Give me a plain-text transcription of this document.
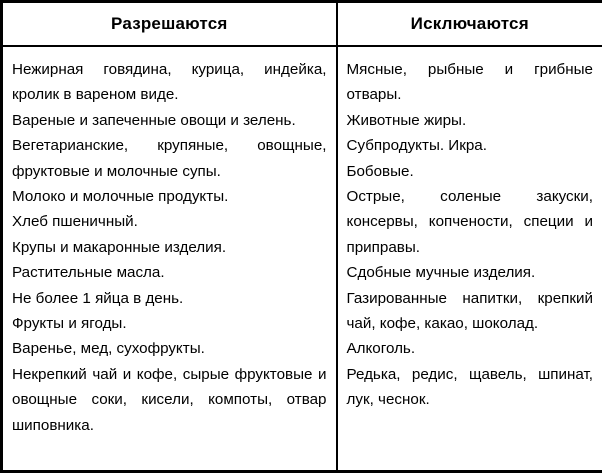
Разрешаются	Исключаются

Нежирная говядина, курица, индейка, кролик в вареном виде.
Вареные и запеченные овощи и зелень.
Вегетарианские, крупяные, овощные, фруктовые и молочные супы.
Молоко и молочные продукты.
Хлеб пшеничный.
Крупы и макаронные изделия.
Растительные масла.
Не более 1 яйца в день.
Фрукты и ягоды.
Варенье, мед, сухофрукты.
Некрепкий чай и кофе, сырые фруктовые и овощные соки, кисели, компоты, отвар шиповника.

Мясные, рыбные и грибные отвары.
Животные жиры.
Субпродукты. Икра.
Бобовые.
Острые, соленые закуски, консервы, копчености, специи и приправы.
Сдобные мучные изделия.
Газированные напитки, крепкий чай, кофе, какао, шоколад.
Алкоголь.
Редька, редис, щавель, шпинат, лук, чеснок.
